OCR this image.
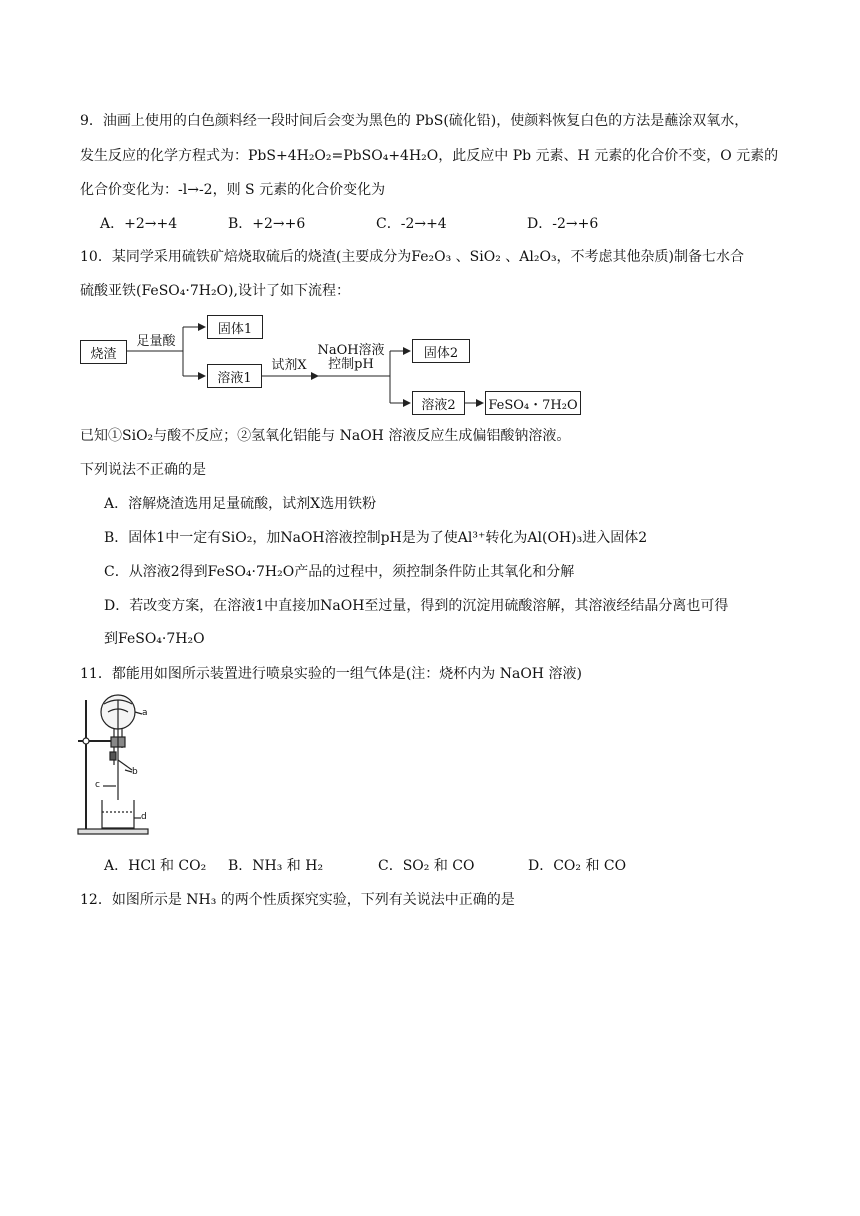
9．油画上使用的白色颜料经一段时间后会变为黑色的 PbS(硫化铅)，使颜料恢复白色的方法是蘸涂双氧水，
发生反应的化学方程式为：PbS+4H₂O₂=PbSO₄+4H₂O，此反应中 Pb 元素、H 元素的化合价不变，O 元素的
化合价变化为：-l→-2，则 S 元素的化合价变化为
A．+2→+4	B．+2→+6	C．-2→+4	D．-2→+6
10．某同学采用硫铁矿焙烧取硫后的烧渣(主要成分为Fe₂O₃ 、SiO₂ 、Al₂O₃，不考虑其他杂质)制备七水合
硫酸亚铁(FeSO₄·7H₂O),设计了如下流程：
烧渣
足量酸
固体1
溶液1
试剂X
NaOH溶液
控制pH
固体2
溶液2	FeSO₄・7H₂O
已知①SiO₂与酸不反应；②氢氧化铝能与 NaOH 溶液反应生成偏铝酸钠溶液。
下列说法不正确的是
A．溶解烧渣选用足量硫酸，试剂X选用铁粉
B．固体1中一定有SiO₂，加NaOH溶液控制pH是为了使Al³⁺转化为Al(OH)₃进入固体2
C．从溶液2得到FeSO₄·7H₂O产品的过程中，须控制条件防止其氧化和分解
D．若改变方案，在溶液1中直接加NaOH至过量，得到的沉淀用硫酸溶解，其溶液经结晶分离也可得
到FeSO₄·7H₂O
11．都能用如图所示装置进行喷泉实验的一组气体是(注：烧杯内为 NaOH 溶液)
a
b
c
d
A．HCl 和 CO₂ B．NH₃ 和 H₂	C．SO₂ 和 CO	D．CO₂ 和 CO
12．如图所示是 NH₃ 的两个性质探究实验，下列有关说法中正确的是
